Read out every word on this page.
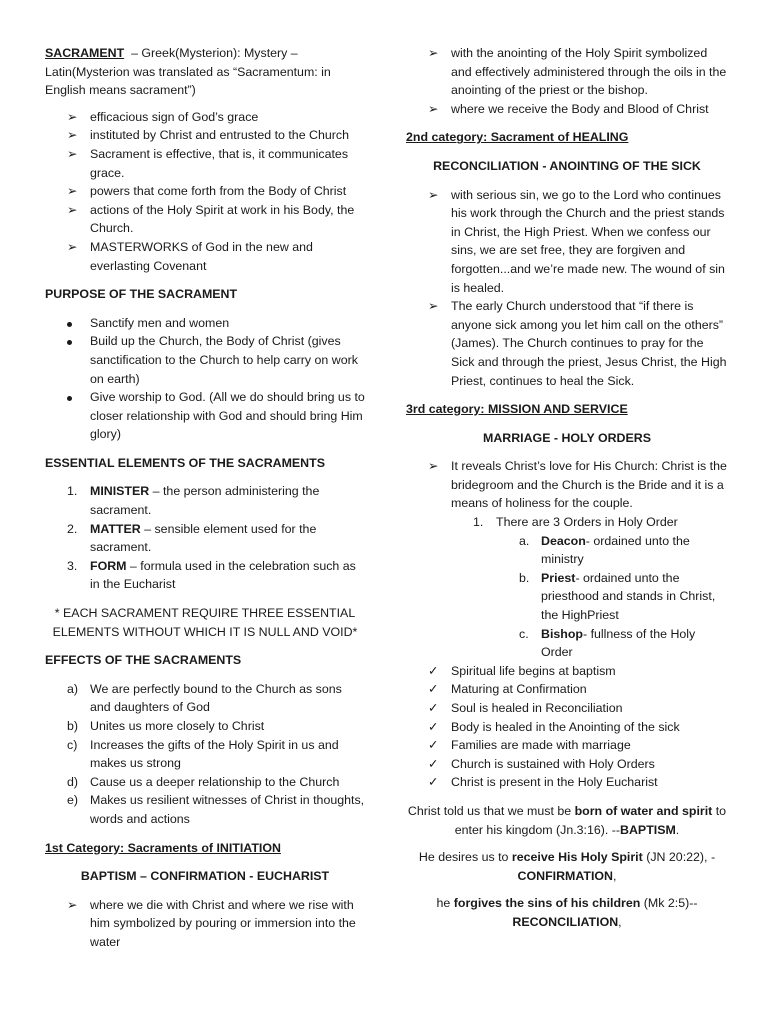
SACRAMENT  – Greek(Mysterion): Mystery – Latin(Mysterion was translated as “Sacramentum: in English means sacrament”)

➢	efficacious sign of God’s grace
➢	instituted by Christ and entrusted to the Church
➢	Sacrament is effective, that is, it communicates grace.
➢	powers that come forth from the Body of Christ
➢	actions of the Holy Spirit at work in his Body, the Church.
➢	MASTERWORKS of God in the new and everlasting Covenant

PURPOSE OF THE SACRAMENT

Sanctify men and women
Build up the Church, the Body of Christ (gives sanctification to the Church to help carry on work on earth)
Give worship to God. (All we do should bring us to closer relationship with God and should bring Him glory)

ESSENTIAL ELEMENTS OF THE SACRAMENTS

1.	MINISTER – the person administering the sacrament.
2.	MATTER – sensible element used for the sacrament.
3.	FORM – formula used in the celebration such as in the Eucharist

* EACH SACRAMENT REQUIRE THREE ESSENTIAL ELEMENTS WITHOUT WHICH IT IS NULL AND VOID*

EFFECTS OF THE SACRAMENTS

a) We are perfectly bound to the Church as sons and daughters of God
b) Unites us more closely to Christ
c)	Increases the gifts of the Holy Spirit in us and makes us strong
d) Cause us a deeper relationship to the Church
e) Makes us resilient witnesses of Christ in thoughts, words and actions

1st Category: Sacraments of INITIATION

BAPTISM – CONFIRMATION - EUCHARIST

➢	where we die with Christ and where we rise with him symbolized by pouring or immersion into the water
➢	with the anointing of the Holy Spirit symbolized and effectively administered through the oils in the anointing of the priest or the bishop.
➢	where we receive the Body and Blood of Christ

2nd category: Sacrament of HEALING

RECONCILIATION - ANOINTING OF THE SICK

➢	with serious sin, we go to the Lord who continues his work through the Church and the priest stands in Christ, the High Priest. When we confess our sins, we are set free, they are forgiven and forgotten...and we’re made new. The wound of sin is healed.
➢	The early Church understood that “if there is anyone sick among you let him call on the others” (James). The Church continues to pray for the Sick and through the priest, Jesus Christ, the High Priest, continues to heal the Sick.

3rd category: MISSION AND SERVICE

MARRIAGE - HOLY ORDERS

➢	It reveals Christ’s love for His Church: Christ is the bridegroom and the Church is the Bride and it is a means of holiness for the couple.
1.	There are 3 Orders in Holy Order
a. Deacon- ordained unto the ministry
b. Priest- ordained unto the priesthood and stands in Christ, the HighPriest
c. Bishop- fullness of the Holy Order
✓	Spiritual life begins at baptism
✓	Maturing at Confirmation
✓	Soul is healed in Reconciliation
✓	Body is healed in the Anointing of the sick
✓	Families are made with marriage
✓	Church is sustained with Holy Orders
✓	Christ is present in the Holy Eucharist

Christ told us that we must be born of water and spirit to enter his kingdom (Jn.3:16). --BAPTISM.

He desires us to receive His Holy Spirit (JN 20:22), -CONFIRMATION,

he forgives the sins of his children (Mk 2:5)--RECONCILIATION,
